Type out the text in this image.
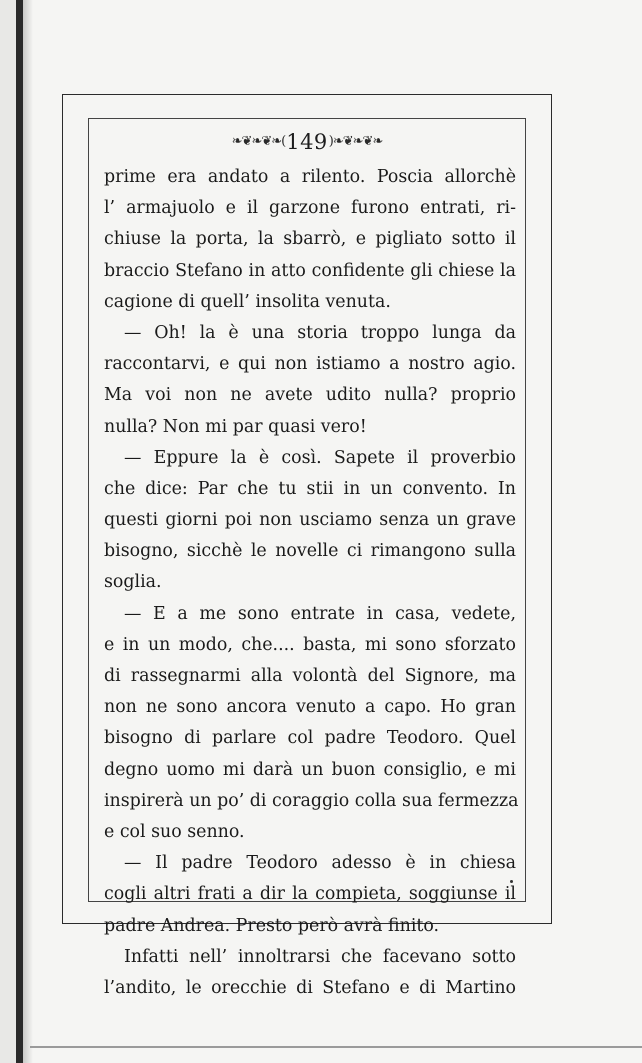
❧❦❧❦❧(149)❧❦❧❦❧
prime era andato a rilento. Poscia allorchè
l’ armajuolo e il garzone furono entrati, ri-
chiuse la porta, la sbarrò, e pigliato sotto il
braccio Stefano in atto confidente gli chiese la
cagione di quell’ insolita venuta.
— Oh! la è una storia troppo lunga da
raccontarvi, e qui non istiamo a nostro agio.
Ma voi non ne avete udito nulla? proprio
nulla? Non mi par quasi vero!
— Eppure la è così. Sapete il proverbio
che dice: Par che tu stii in un convento. In
questi giorni poi non usciamo senza un grave
bisogno, sicchè le novelle ci rimangono sulla
soglia.
— E a me sono entrate in casa, vedete,
e in un modo, che.... basta, mi sono sforzato
di rassegnarmi alla volontà del Signore, ma
non ne sono ancora venuto a capo. Ho gran
bisogno di parlare col padre Teodoro. Quel
degno uomo mi darà un buon consiglio, e mi
inspirerà un po’ di coraggio colla sua fermezza
e col suo senno.
— Il padre Teodoro adesso è in chiesa
cogli altri frati a dir la compieta, soggiunse il
padre Andrea. Presto però avrà finito.
Infatti nell’ innoltrarsi che facevano sotto
l’andito, le orecchie di Stefano e di Martino
